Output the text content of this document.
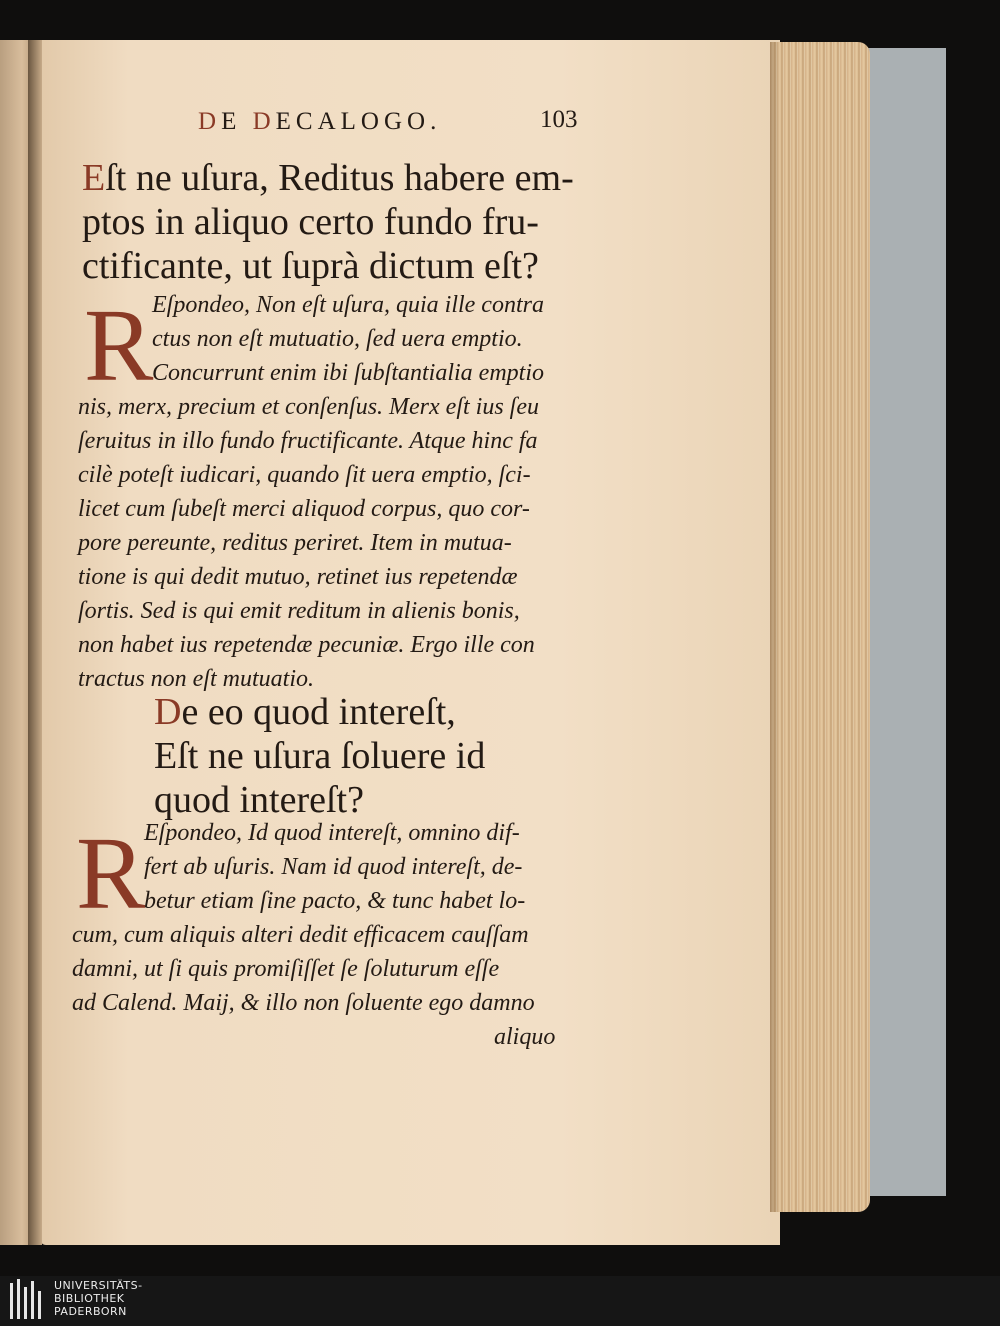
DE DECALOGO.	103
Eſt ne uſura, Reditus habere em-
ptos in aliquo certo fundo fru-
ctificante, ut ſuprà dictum eſt?
R
Eſpondeo, Non eſt uſura, quia ille contra
ctus non eſt mutuatio, ſed uera emptio.
Concurrunt enim ibi ſubſtantialia emptio
nis, merx, precium et conſenſus. Merx eſt ius ſeu
ſeruitus in illo fundo fructificante. Atque hinc fa
cilè poteſt iudicari, quando ſit uera emptio, ſci-
licet cum ſubeſt merci aliquod corpus, quo cor-
pore pereunte, reditus periret. Item in mutua-
tione is qui dedit mutuo, retinet ius repetendæ
ſortis. Sed is qui emit reditum in alienis bonis,
non habet ius repetendæ pecuniæ. Ergo ille con
tractus non eſt mutuatio.
De eo quod intereſt,
Eſt ne uſura ſoluere id
quod intereſt?
R
Eſpondeo, Id quod intereſt, omnino dif-
fert ab uſuris. Nam id quod intereſt, de-
betur etiam ſine pacto, & tunc habet lo-
cum, cum aliquis alteri dedit efficacem cauſſam
damni, ut ſi quis promiſiſſet ſe ſoluturum eſſe
ad Calend. Maij, & illo non ſoluente ego damno
aliquo
UNIVERSITÄTS-
BIBLIOTHEK
PADERBORN
